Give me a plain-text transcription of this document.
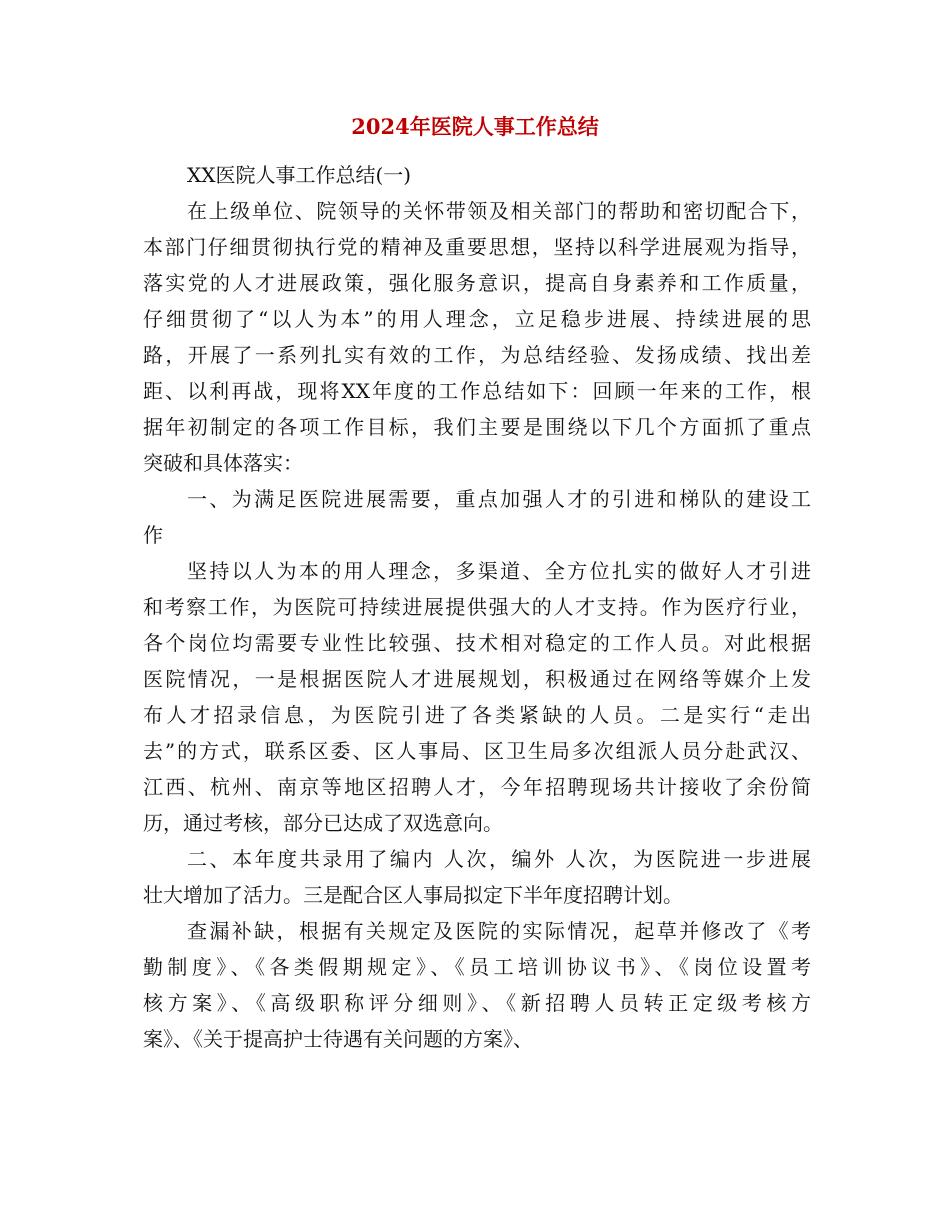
2024年医院人事工作总结

XX医院人事工作总结(一)

在上级单位、院领导的关怀带领及相关部门的帮助和密切配合下，
本部门仔细贯彻执行党的精神及重要思想，坚持以科学进展观为指导，
落实党的人才进展政策，强化服务意识，提高自身素养和工作质量，
仔细贯彻了“以人为本”的用人理念，立足稳步进展、持续进展的思
路，开展了一系列扎实有效的工作，为总结经验、发扬成绩、找出差
距、以利再战，现将XX年度的工作总结如下：回顾一年来的工作，根
据年初制定的各项工作目标，我们主要是围绕以下几个方面抓了重点
突破和具体落实：

一、为满足医院进展需要，重点加强人才的引进和梯队的建设工
作

坚持以人为本的用人理念，多渠道、全方位扎实的做好人才引进
和考察工作，为医院可持续进展提供强大的人才支持。作为医疗行业，
各个岗位均需要专业性比较强、技术相对稳定的工作人员。对此根据
医院情况，一是根据医院人才进展规划，积极通过在网络等媒介上发
布人才招录信息，为医院引进了各类紧缺的人员。二是实行“走出
去”的方式，联系区委、区人事局、区卫生局多次组派人员分赴武汉、
江西、杭州、南京等地区招聘人才，今年招聘现场共计接收了余份简
历，通过考核，部分已达成了双选意向。

二、本年度共录用了编内 人次，编外 人次，为医院进一步进展
壮大增加了活力。三是配合区人事局拟定下半年度招聘计划。

查漏补缺，根据有关规定及医院的实际情况，起草并修改了《考
勤制度》、《各类假期规定》、《员工培训协议书》、《岗位设置考
核方案》、《高级职称评分细则》、《新招聘人员转正定级考核方
案》、《关于提高护士待遇有关问题的方案》、
